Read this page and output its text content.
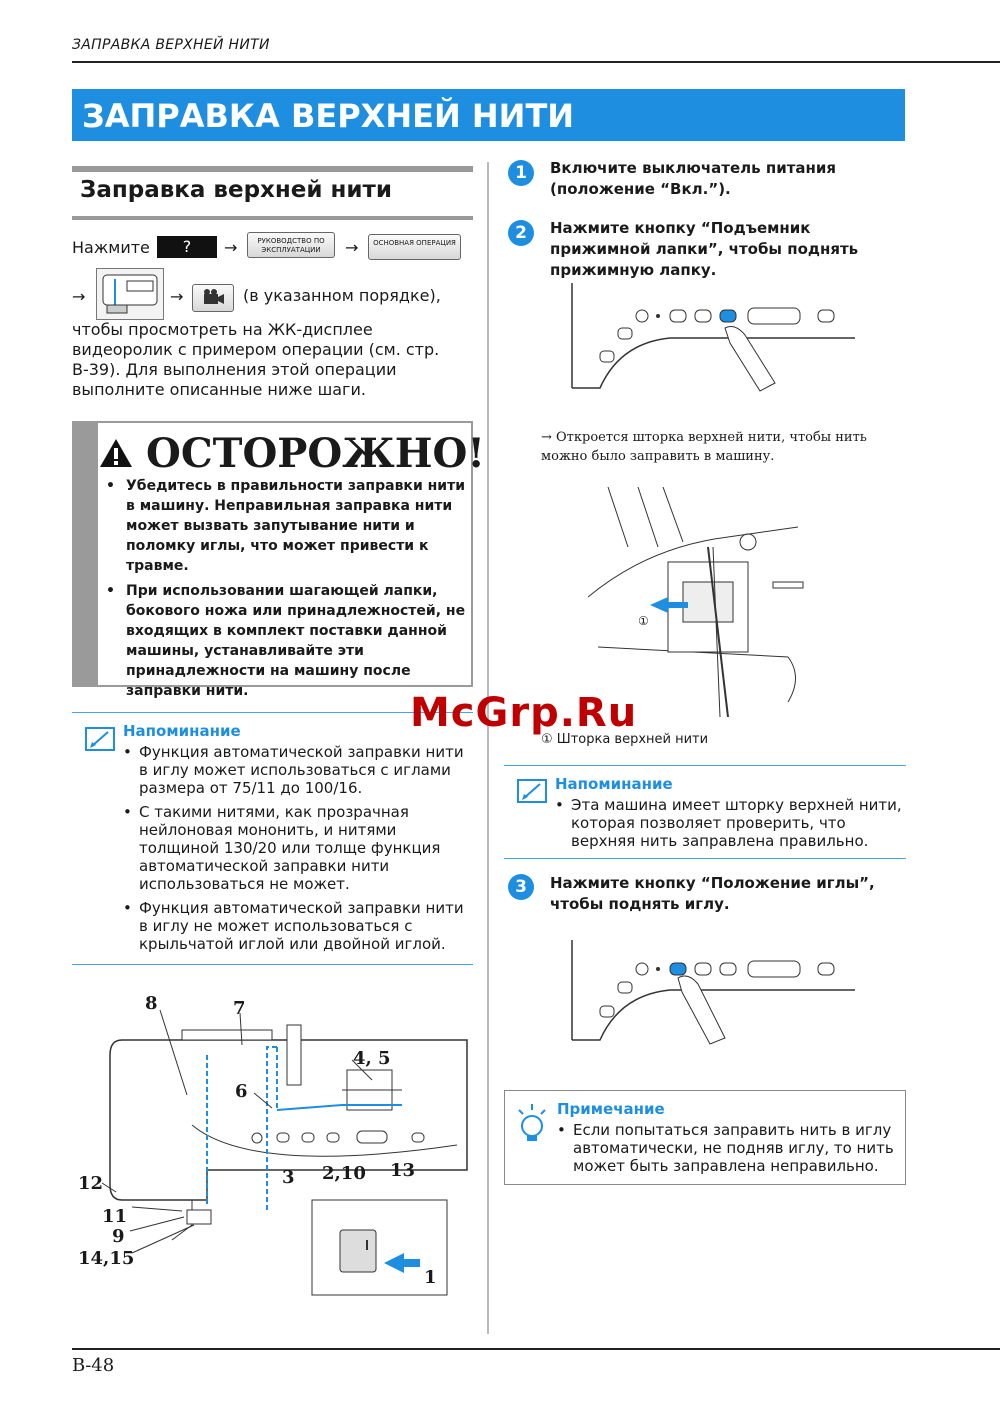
ЗАПРАВКА ВЕРХНЕЙ НИТИ
ЗАПРАВКА ВЕРХНЕЙ НИТИ
Заправка верхней нити
Нажмите	?	→	РУКОВОДСТВО ПО ЭКСПЛУАТАЦИИ	→	ОСНОВНАЯ ОПЕРАЦИЯ
→	→	(в указанном порядке),
чтобы просмотреть на ЖК-дисплее видеоролик с примером операции (см. стр. В-39). Для выполнения этой операции выполните описанные ниже шаги.
ОСТОРОЖНО!
• Убедитесь в правильности заправки нити в машину. Неправильная заправка нити может вызвать запутывание нити и поломку иглы, что может привести к травме.
• При использовании шагающей лапки, бокового ножа или принадлежностей, не входящих в комплект поставки данной машины, устанавливайте эти принадлежности на машину после заправки нити.
Напоминание
• Функция автоматической заправки нити в иглу может использоваться с иглами размера от 75/11 до 100/16.
• С такими нитями, как прозрачная нейлоновая мононить, и нитями толщиной 130/20 или толще функция автоматической заправки нити использоваться не может.
• Функция автоматической заправки нити в иглу не может использоваться с крыльчатой иглой или двойной иглой.
8	7
4, 5
6
3 2,10 13
12
11
9
14,15
1
1	Включите выключатель питания (положение “Вкл.”).
2	Нажмите кнопку “Подъемник прижимной лапки”, чтобы поднять прижимную лапку.
→ Откроется шторка верхней нити, чтобы нить можно было заправить в машину.
①
① Шторка верхней нити
Напоминание
• Эта машина имеет шторку верхней нити, которая позволяет проверить, что верхняя нить заправлена правильно.
3	Нажмите кнопку “Положение иглы”, чтобы поднять иглу.
Примечание
• Если попытаться заправить нить в иглу автоматически, не подняв иглу, то нить может быть заправлена неправильно.
McGrp.Ru
В-48
